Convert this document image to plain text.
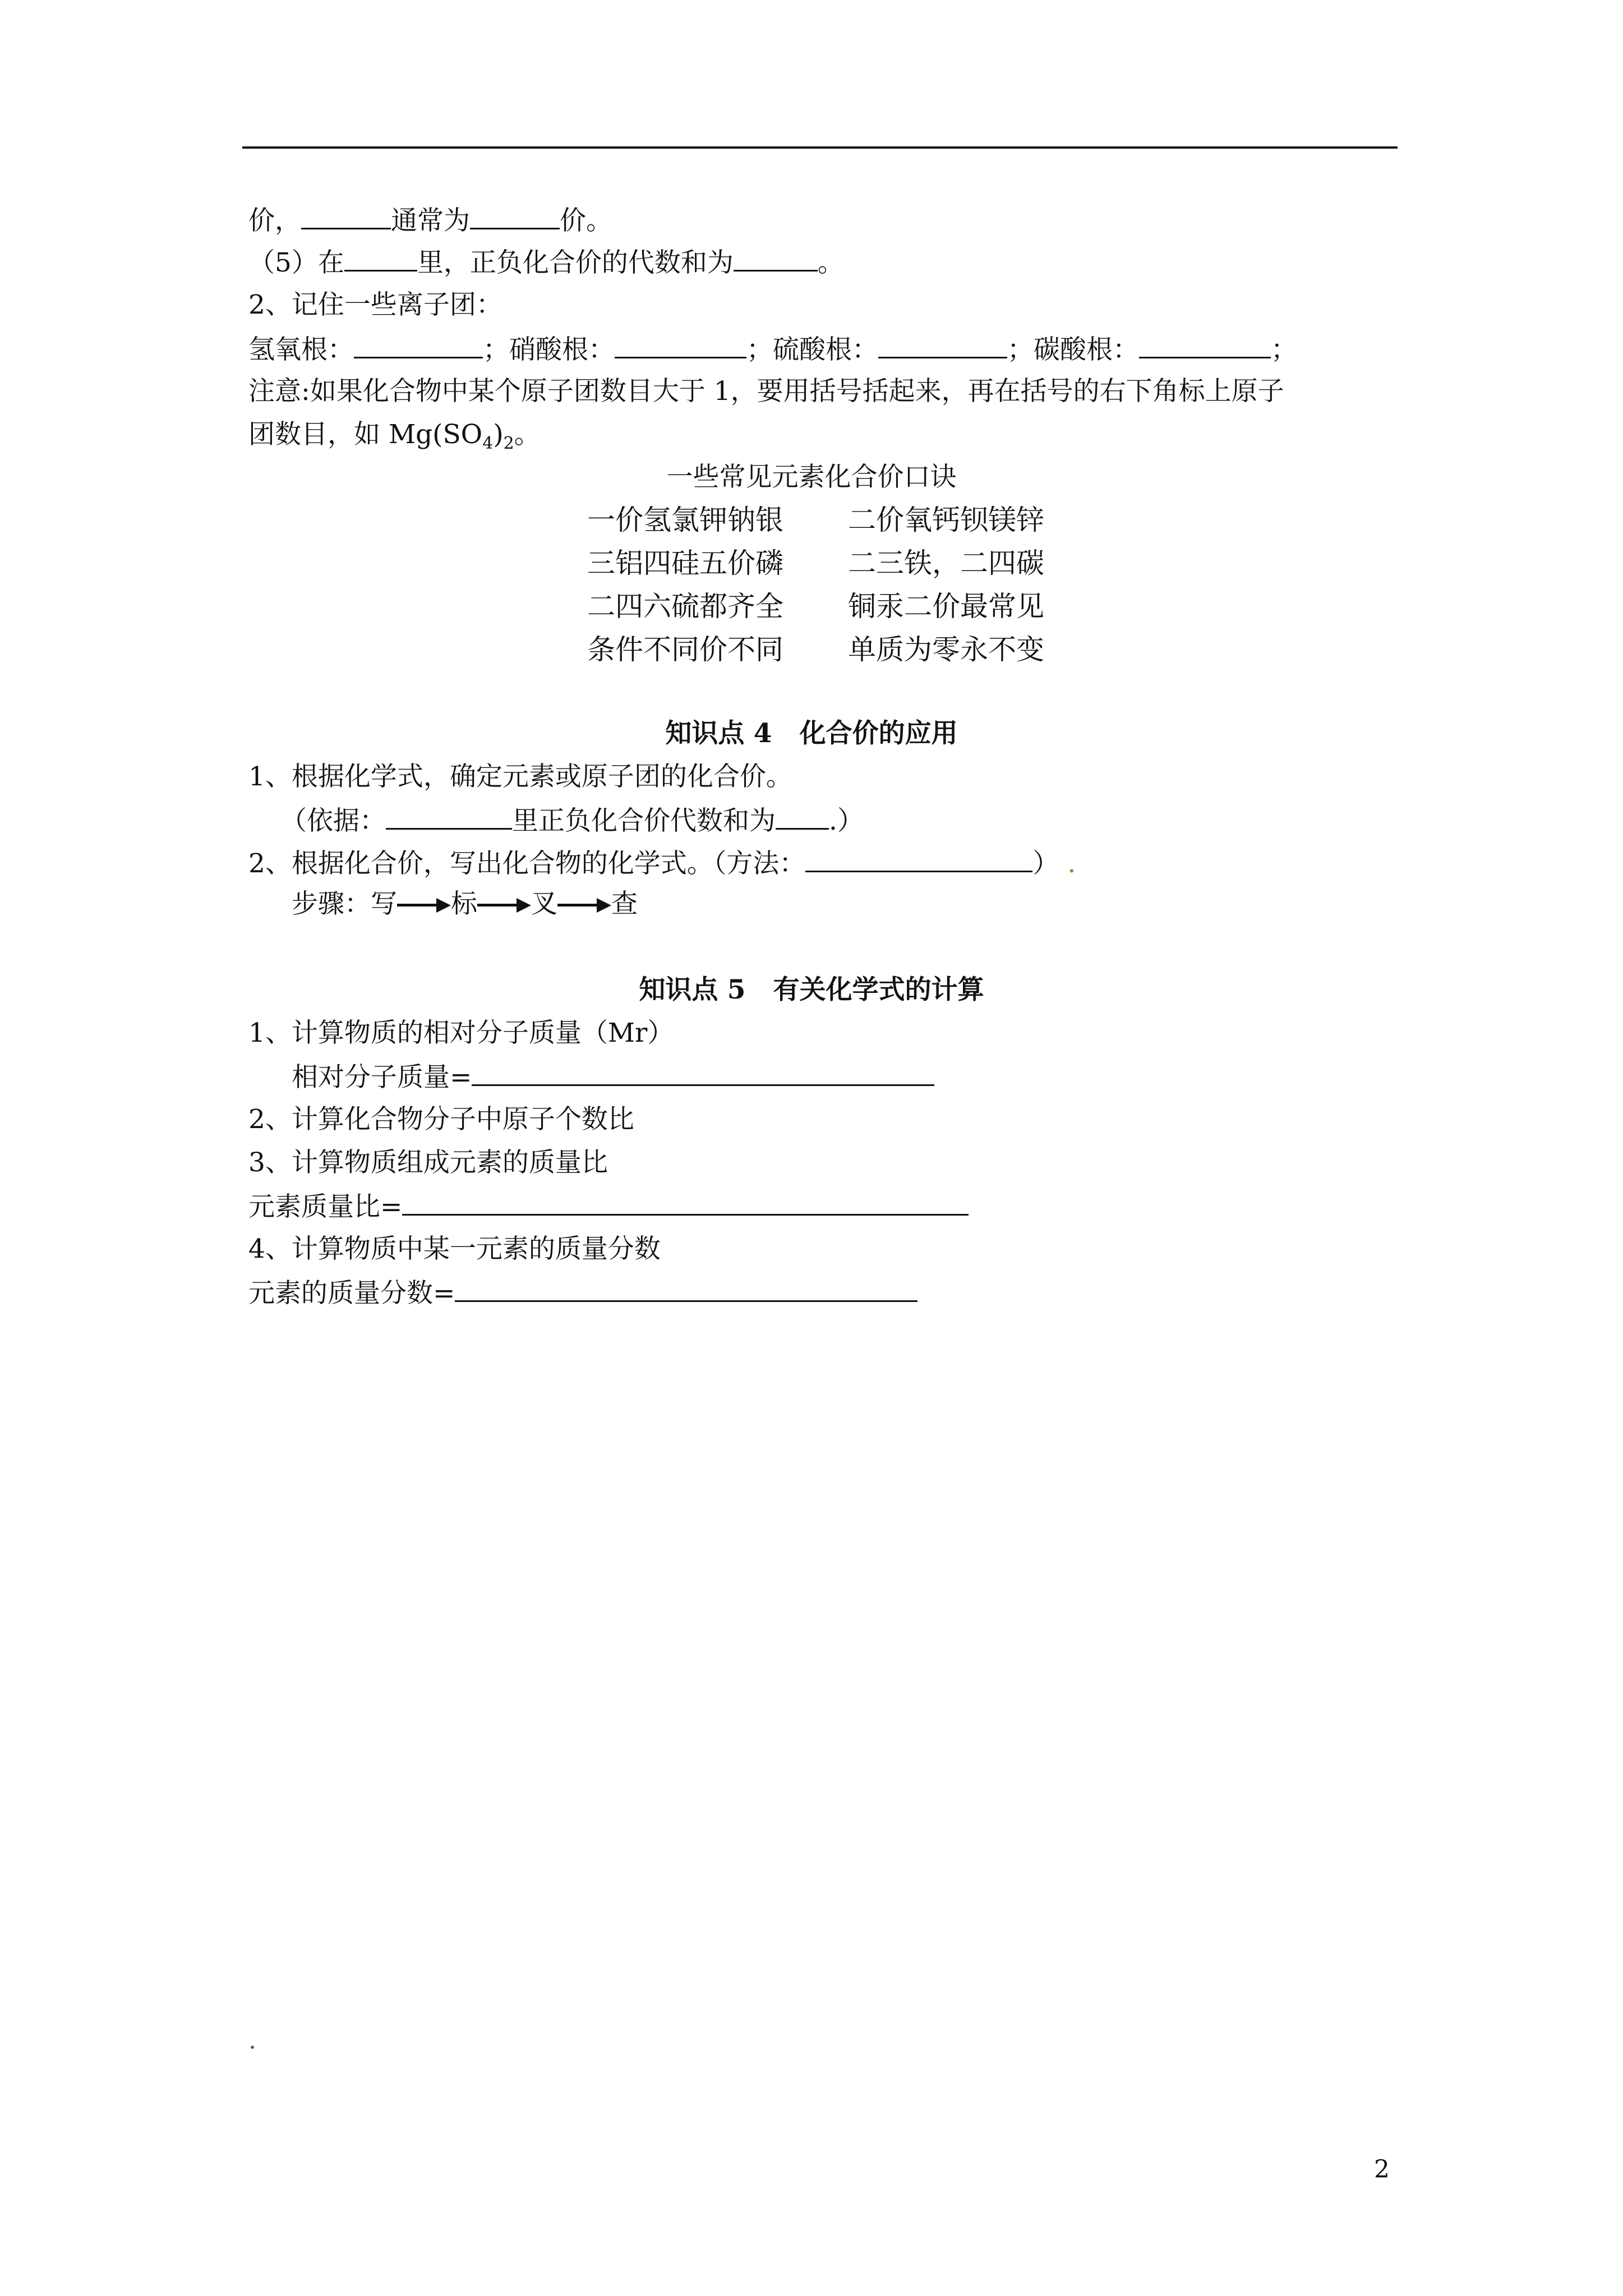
价，	通常为	价。
（5）在	里，正负化合价的代数和为	。
2、记住一些离子团：
氢氧根：	；硝酸根：	；硫酸根：	；碳酸根：	；
注意:如果化合物中某个原子团数目大于 1，要用括号括起来，再在括号的右下角标上原子
团数目，如 $Mg(SO_4)_2$。
一些常见元素化合价口诀
一价氢氯钾钠银 二价氧钙钡镁锌
三铝四硅五价磷 二三铁，二四碳
二四六硫都齐全 铜汞二价最常见
条件不同价不同 单质为零永不变
知识点 4   化合价的应用
1、根据化学式，确定元素或原子团的化合价。
（依据：	里正负化合价代数和为 .）
2、根据化合价，写出化合物的化学式。（方法：	） .
步骤： 写 标 叉 查
知识点 5   有关化学式的计算
1、计算物质的相对分子质量（Mr）
相对分子质量=
2、计算化合物分子中原子个数比
3、计算物质组成元素的质量比
元素质量比=
4、计算物质中某一元素的质量分数
元素的质量分数=
.
2
